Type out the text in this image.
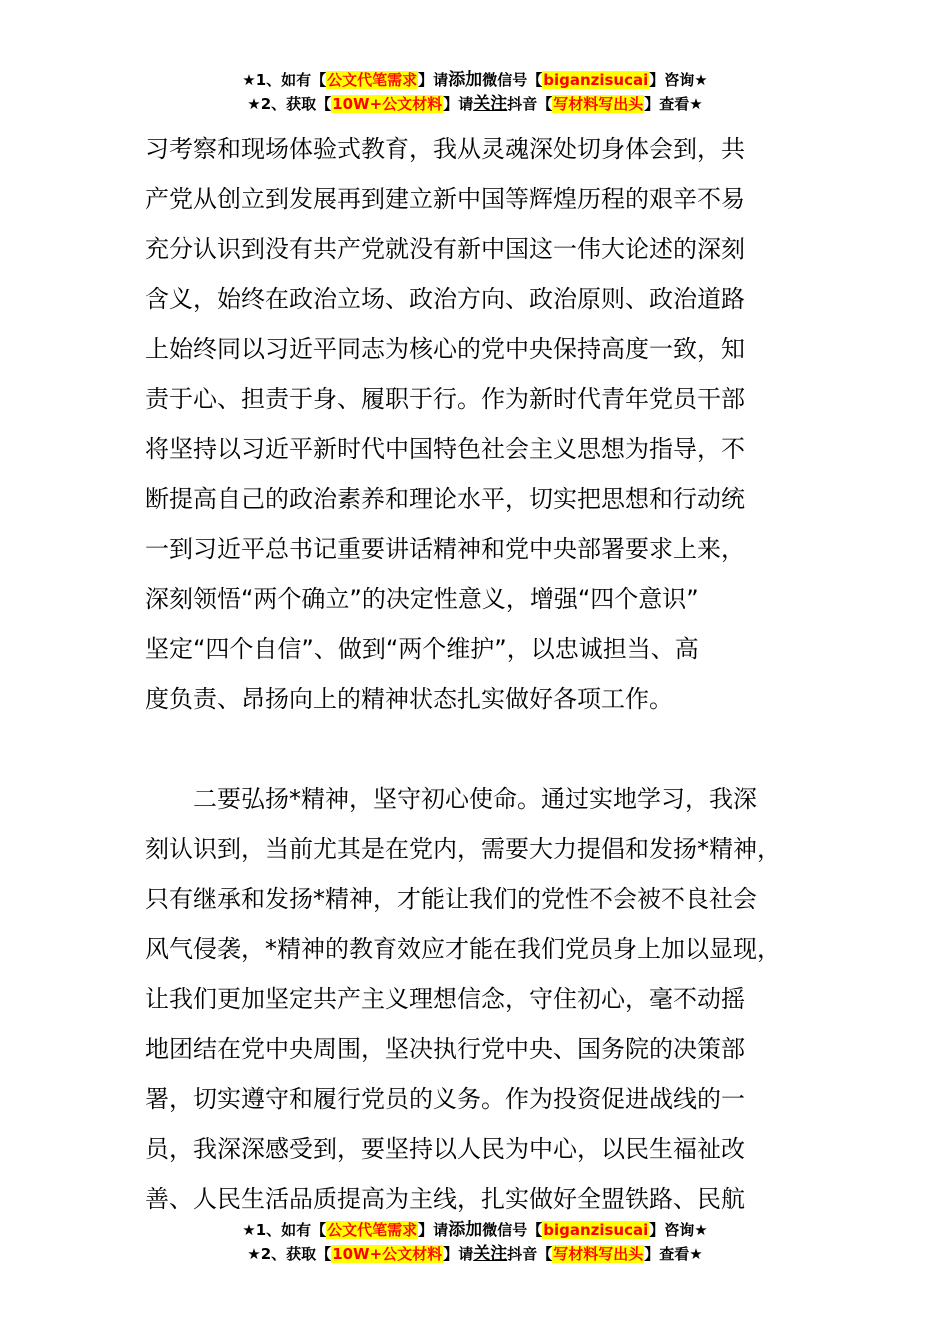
★1、如有【公文代笔需求】请添加微信号【biganzisucai】咨询★
★2、获取【10W+公文材料】请关注抖音【写材料写出头】查看★

习考察和现场体验式教育，我从灵魂深处切身体会到，共

产党从创立到发展再到建立新中国等辉煌历程的艰辛不易

充分认识到没有共产党就没有新中国这一伟大论述的深刻

含义，始终在政治立场、政治方向、政治原则、政治道路

上始终同以习近平同志为核心的党中央保持高度一致，知

责于心、担责于身、履职于行。作为新时代青年党员干部

将坚持以习近平新时代中国特色社会主义思想为指导，不

断提高自己的政治素养和理论水平，切实把思想和行动统

一到习近平总书记重要讲话精神和党中央部署要求上来，

深刻领悟“两个确立”的决定性意义，增强“四个意识”

坚定“四个自信”、做到“两个维护”，以忠诚担当、高

度负责、昂扬向上的精神状态扎实做好各项工作。

二要弘扬*精神，坚守初心使命。通过实地学习，我深

刻认识到，当前尤其是在党内，需要大力提倡和发扬*精神，

只有继承和发扬*精神，才能让我们的党性不会被不良社会

风气侵袭，*精神的教育效应才能在我们党员身上加以显现，

让我们更加坚定共产主义理想信念，守住初心，毫不动摇

地团结在党中央周围，坚决执行党中央、国务院的决策部

署，切实遵守和履行党员的义务。作为投资促进战线的一

员，我深深感受到，要坚持以人民为中心，以民生福祉改

善、人民生活品质提高为主线，扎实做好全盟铁路、民航

★1、如有【公文代笔需求】请添加微信号【biganzisucai】咨询★
★2、获取【10W+公文材料】请关注抖音【写材料写出头】查看★
